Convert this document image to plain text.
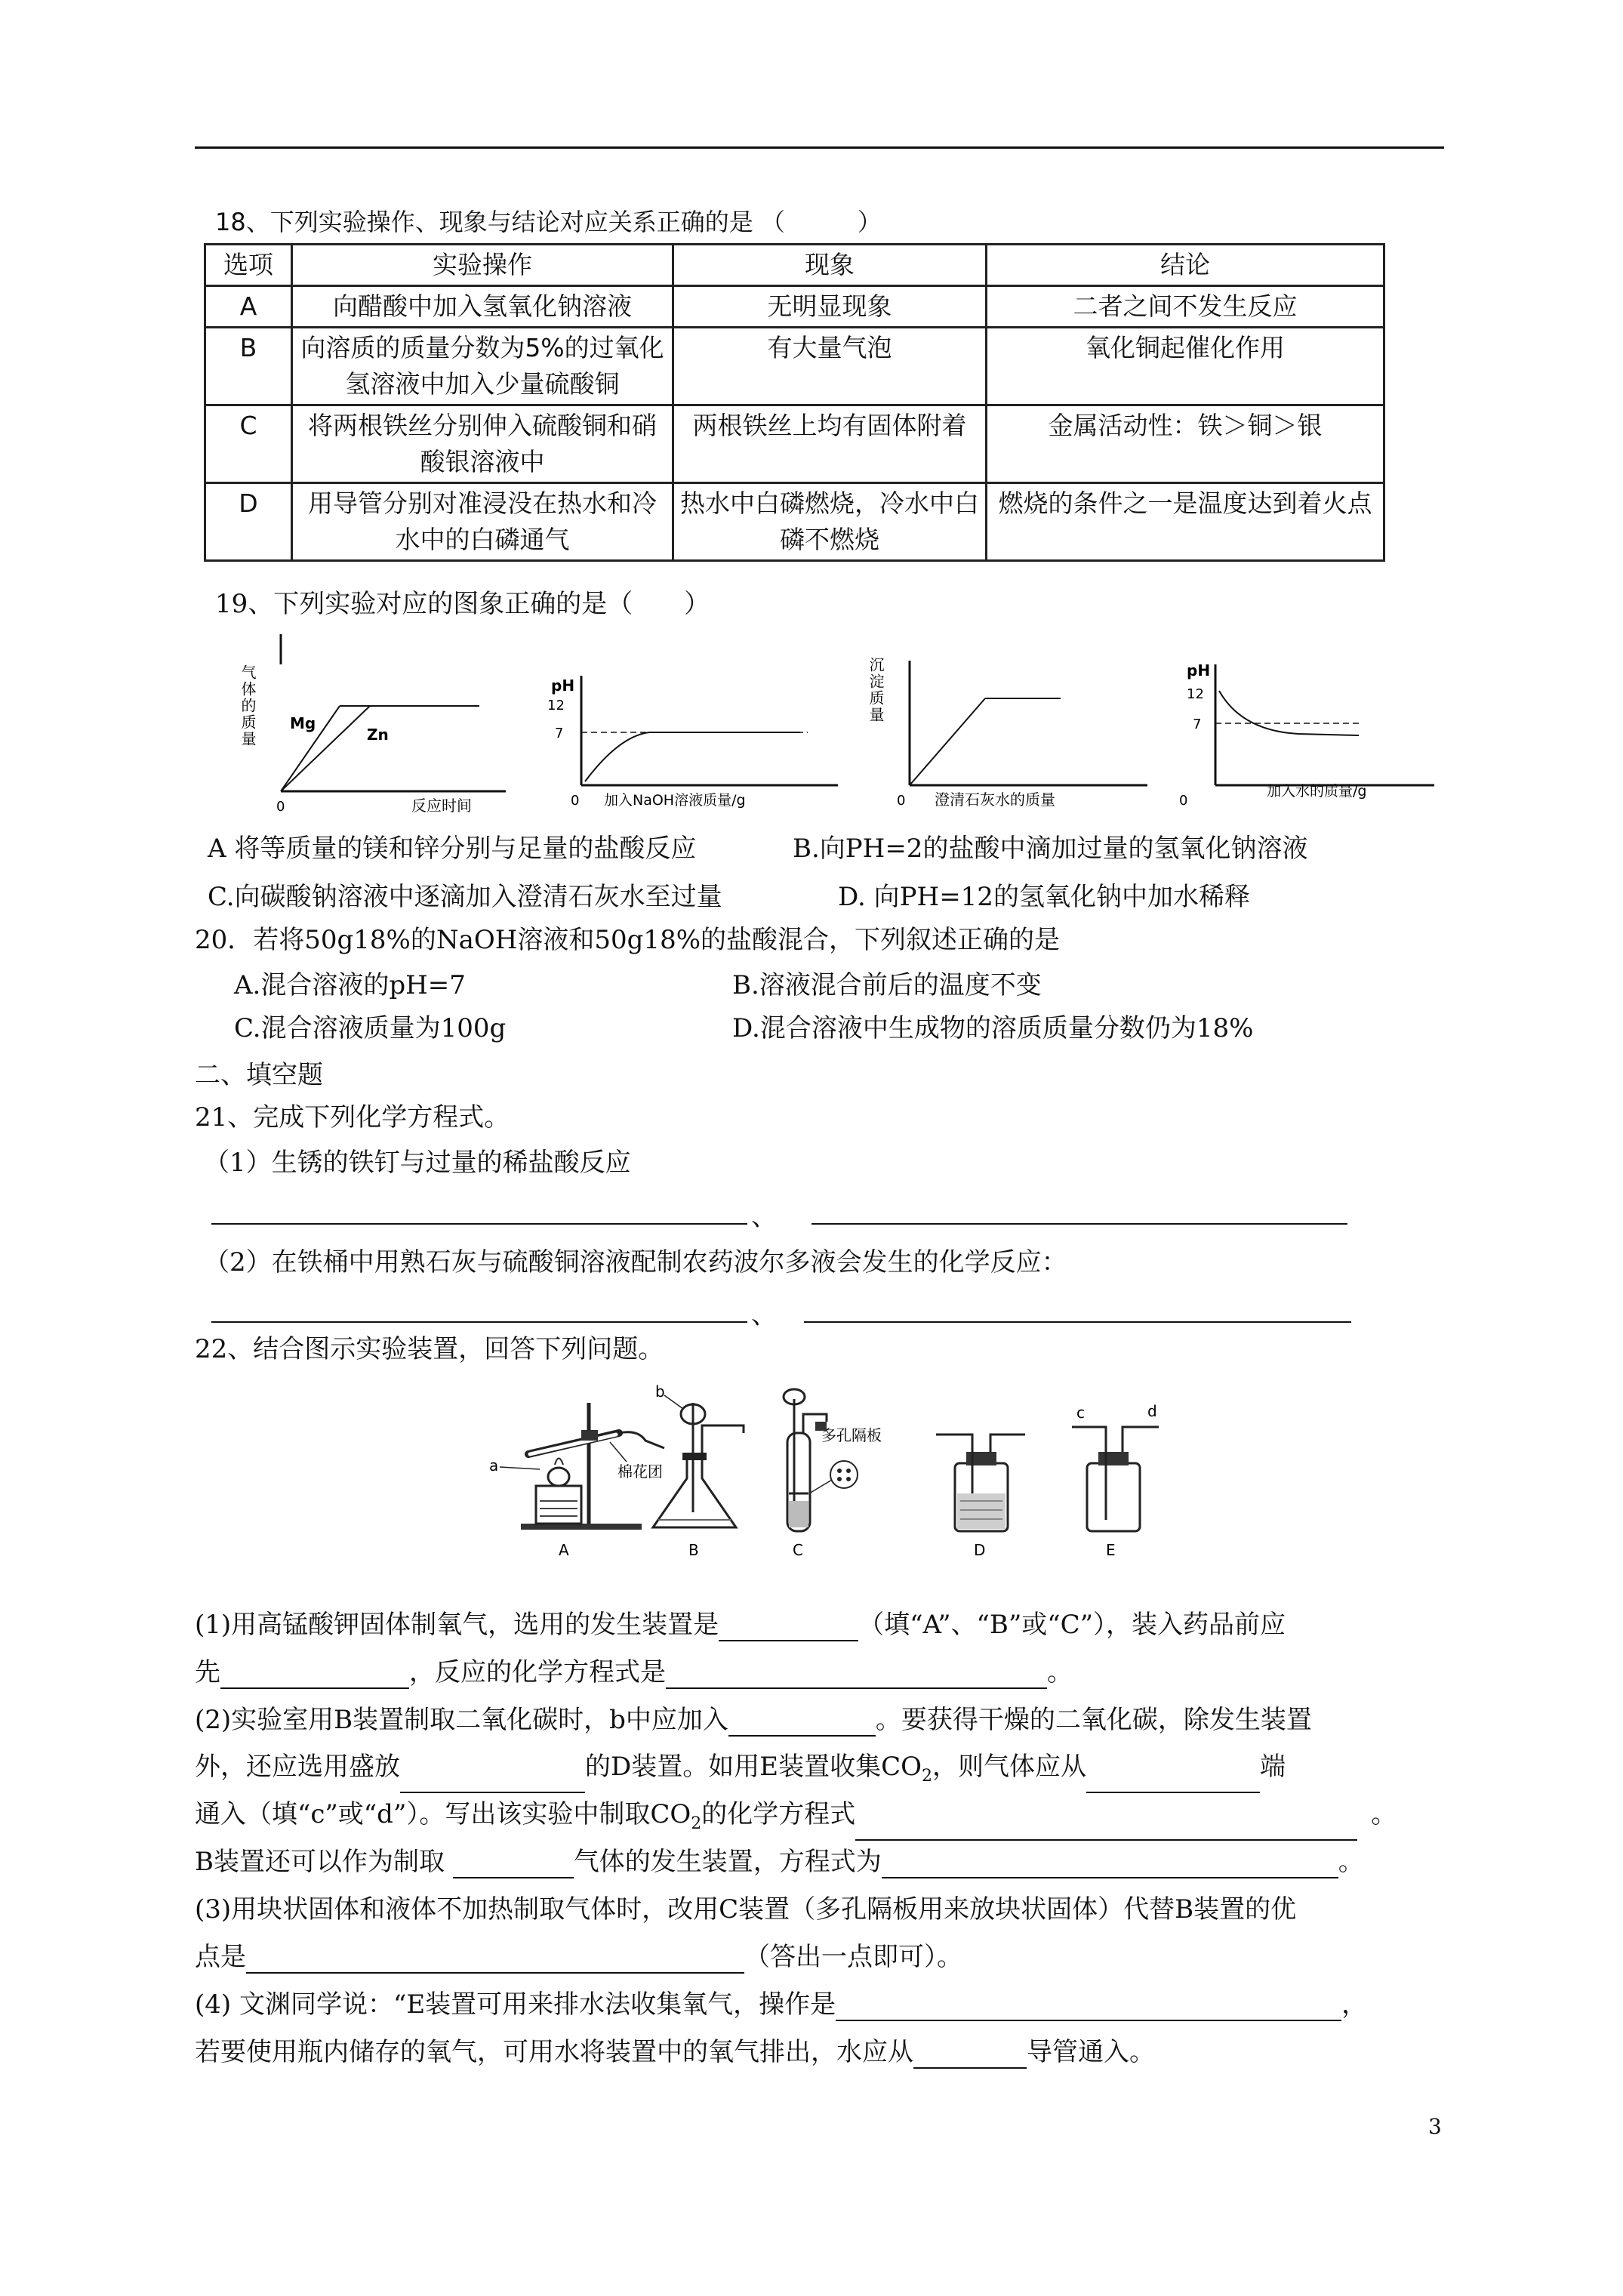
18、下列实验操作、现象与结论对应关系正确的是 （　　　）
选项	实验操作	现象	结论
A	向醋酸中加入氢氧化钠溶液	无明显现象	二者之间不发生反应
B	向溶质的质量分数为5%的过氧化氢溶液中加入少量硫酸铜	有大量气泡	氧化铜起催化作用
C	将两根铁丝分别伸入硫酸铜和硝酸银溶液中	两根铁丝上均有固体附着	金属活动性：铁＞铜＞银
D	用导管分别对准浸没在热水和冷水中的白磷通气	热水中白磷燃烧，冷水中白磷不燃烧	燃烧的条件之一是温度达到着火点
19、下列实验对应的图象正确的是（　　）
气体的质量 Mg
Zn
0	反应时间
pH
12
7
0 加入NaOH溶液质量/g
沉淀质量
0 澄清石灰水的质量
pH
12
7
0
加入水的质量/g
A 将等质量的镁和锌分别与足量的盐酸反应	B.向PH=2的盐酸中滴加过量的氢氧化钠溶液
C.向碳酸钠溶液中逐滴加入澄清石灰水至过量	D. 向PH=12的氢氧化钠中加水稀释
20．若将50g18%的NaOH溶液和50g18%的盐酸混合，下列叙述正确的是
A.混合溶液的pH=7	B.溶液混合前后的温度不变
C.混合溶液质量为100g	D.混合溶液中生成物的溶质质量分数仍为18%
二、填空题
21、完成下列化学方程式。
（1）生锈的铁钉与过量的稀盐酸反应
、
（2）在铁桶中用熟石灰与硫酸铜溶液配制农药波尔多液会发生的化学反应：
、
22、结合图示实验装置，回答下列问题。
a	棉花团
A
b
B
多孔隔板
C	D
c	d
E
(1)用高锰酸钾固体制氧气，选用的发生装置是	（填“A”、“B”或“C”），装入药品前应
先	，反应的化学方程式是	。
(2)实验室用B装置制取二氧化碳时，b中应加入	。要获得干燥的二氧化碳，除发生装置
外，还应选用盛放	的D装置。如用E装置收集$CO_2$，则气体应从	端
通入（填“c”或“d”）。写出该实验中制取$CO_2$的化学方程式	。
B装置还可以作为制取	气体的发生装置，方程式为	。
(3)用块状固体和液体不加热制取气体时，改用C装置（多孔隔板用来放块状固体）代替B装置的优
点是	（答出一点即可）。
(4) 文渊同学说：“E装置可用来排水法收集氧气，操作是	，
若要使用瓶内储存的氧气，可用水将装置中的氧气排出，水应从	导管通入。
3
